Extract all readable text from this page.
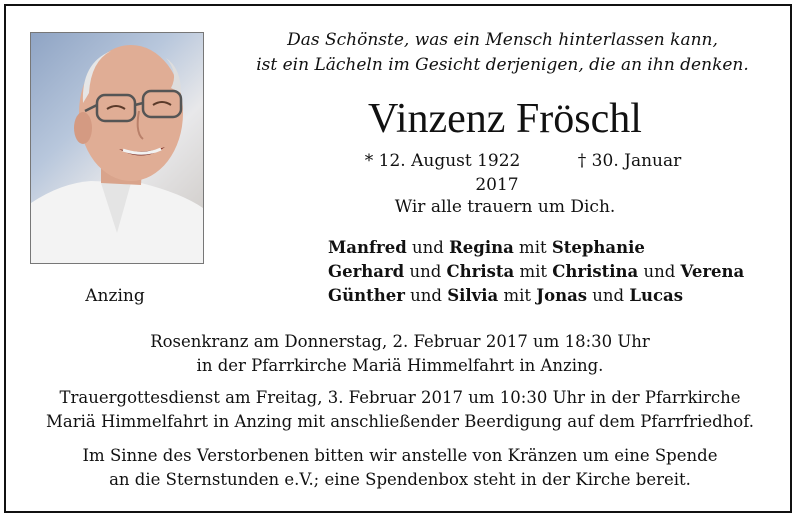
Das Schönste, was ein Mensch hinterlassen kann,
ist ein Lächeln im Gesicht derjenigen, die an ihn denken.
Vinzenz Fröschl
* 12. August 1922	† 30. Januar 2017
Wir alle trauern um Dich.
Manfred und Regina mit Stephanie
Gerhard und Christa mit Christina und Verena
Günther und Silvia mit Jonas und Lucas
Anzing
Rosenkranz am Donnerstag, 2. Februar 2017 um 18:30 Uhr
in der Pfarrkirche Mariä Himmelfahrt in Anzing.
Trauergottesdienst am Freitag, 3. Februar 2017 um 10:30 Uhr in der Pfarrkirche
Mariä Himmelfahrt in Anzing mit anschließender Beerdigung auf dem Pfarrfriedhof.
Im Sinne des Verstorbenen bitten wir anstelle von Kränzen um eine Spende
an die Sternstunden e.V.; eine Spendenbox steht in der Kirche bereit.
